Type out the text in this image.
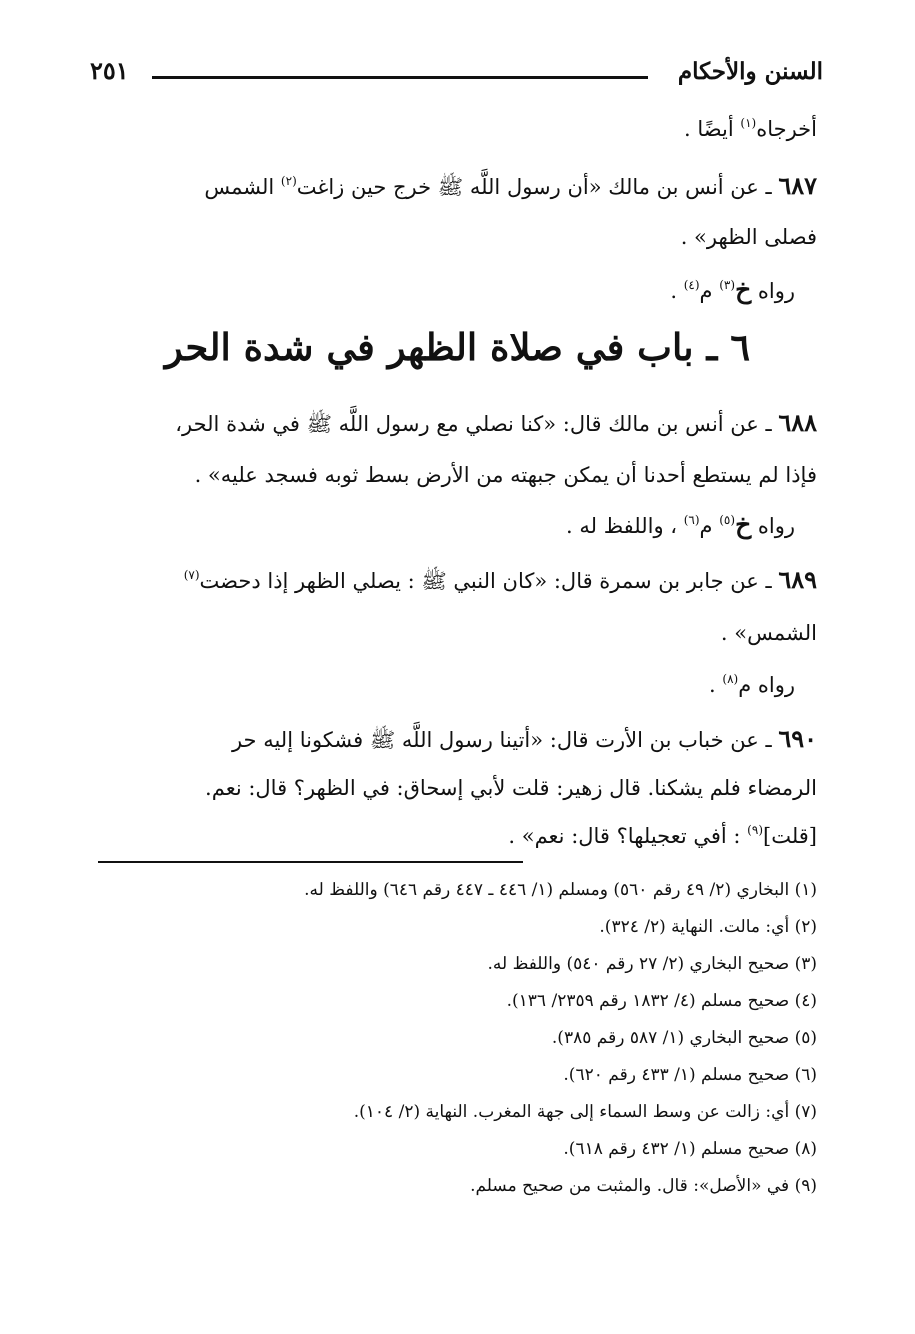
السنن والأحكام
٢٥١
أخرجاه$^{(١)}$ أيضًا .
٦٨٧ ـ عن أنس بن مالك «أن رسول اللَّه ﷺ خرج حين زاغت$^{(٢)}$ الشمس
فصلى الظهر» .
رواه خ$^{(٣)}$ م$^{(٤)}$ .
٦ ـ باب في صلاة الظهر في شدة الحر
٦٨٨ ـ عن أنس بن مالك قال: «كنا نصلي مع رسول اللَّه ﷺ في شدة الحر،
فإذا لم يستطع أحدنا أن يمكن جبهته من الأرض بسط ثوبه فسجد عليه» .
رواه خ$^{(٥)}$ م$^{(٦)}$ ، واللفظ له .
٦٨٩ ـ عن جابر بن سمرة قال: «كان النبي ﷺ : يصلي الظهر إذا دحضت$^{(٧)}$
الشمس» .
رواه م$^{(٨)}$ .
٦٩٠ ـ عن خباب بن الأرت قال: «أتينا رسول اللَّه ﷺ فشكونا إليه حر
الرمضاء فلم يشكنا. قال زهير: قلت لأبي إسحاق: في الظهر؟ قال: نعم.
[قلت]$^{(٩)}$ : أفي تعجيلها؟ قال: نعم» .
(١) البخاري (٢/ ٤٩ رقم ٥٦٠) ومسلم (١/ ٤٤٦ ـ ٤٤٧ رقم ٦٤٦) واللفظ له.
(٢) أي: مالت. النهاية (٢/ ٣٢٤).
(٣) صحيح البخاري (٢/ ٢٧ رقم ٥٤٠) واللفظ له.
(٤) صحيح مسلم (٤/ ١٨٣٢ رقم ٢٣٥٩/ ١٣٦).
(٥) صحيح البخاري (١/ ٥٨٧ رقم ٣٨٥).
(٦) صحيح مسلم (١/ ٤٣٣ رقم ٦٢٠).
(٧) أي: زالت عن وسط السماء إلى جهة المغرب. النهاية (٢/ ١٠٤).
(٨) صحيح مسلم (١/ ٤٣٢ رقم ٦١٨).
(٩) في «الأصل»: قال. والمثبت من صحيح مسلم.
